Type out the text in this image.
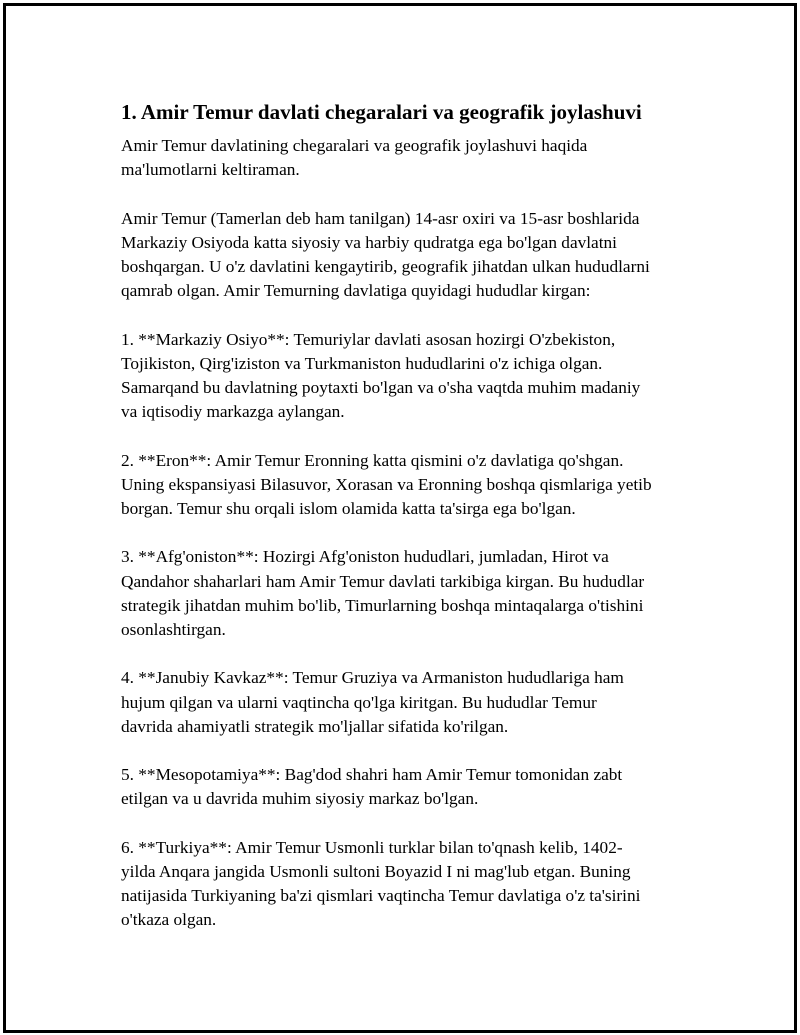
1. Amir Temur davlati chegaralari va geografik joylashuvi

Amir Temur davlatining chegaralari va geografik joylashuvi haqida
ma'lumotlarni keltiraman.

Amir Temur (Tamerlan deb ham tanilgan) 14-asr oxiri va 15-asr boshlarida
Markaziy Osiyoda katta siyosiy va harbiy qudratga ega bo'lgan davlatni
boshqargan. U o'z davlatini kengaytirib, geografik jihatdan ulkan hududlarni
qamrab olgan. Amir Temurning davlatiga quyidagi hududlar kirgan:

1. **Markaziy Osiyo**: Temuriylar davlati asosan hozirgi O'zbekiston,
Tojikiston, Qirg'iziston va Turkmaniston hududlarini o'z ichiga olgan.
Samarqand bu davlatning poytaxti bo'lgan va o'sha vaqtda muhim madaniy
va iqtisodiy markazga aylangan.

2. **Eron**: Amir Temur Eronning katta qismini o'z davlatiga qo'shgan.
Uning ekspansiyasi Bilasuvor, Xorasan va Eronning boshqa qismlariga yetib
borgan. Temur shu orqali islom olamida katta ta'sirga ega bo'lgan.

3. **Afg'oniston**: Hozirgi Afg'oniston hududlari, jumladan, Hirot va
Qandahor shaharlari ham Amir Temur davlati tarkibiga kirgan. Bu hududlar
strategik jihatdan muhim bo'lib, Timurlarning boshqa mintaqalarga o'tishini
osonlashtirgan.

4. **Janubiy Kavkaz**: Temur Gruziya va Armaniston hududlariga ham
hujum qilgan va ularni vaqtincha qo'lga kiritgan. Bu hududlar Temur
davrida ahamiyatli strategik mo'ljallar sifatida ko'rilgan.

5. **Mesopotamiya**: Bag'dod shahri ham Amir Temur tomonidan zabt
etilgan va u davrida muhim siyosiy markaz bo'lgan.

6. **Turkiya**: Amir Temur Usmonli turklar bilan to'qnash kelib, 1402-
yilda Anqara jangida Usmonli sultoni Boyazid I ni mag'lub etgan. Buning
natijasida Turkiyaning ba'zi qismlari vaqtincha Temur davlatiga o'z ta'sirini
o'tkaza olgan.
